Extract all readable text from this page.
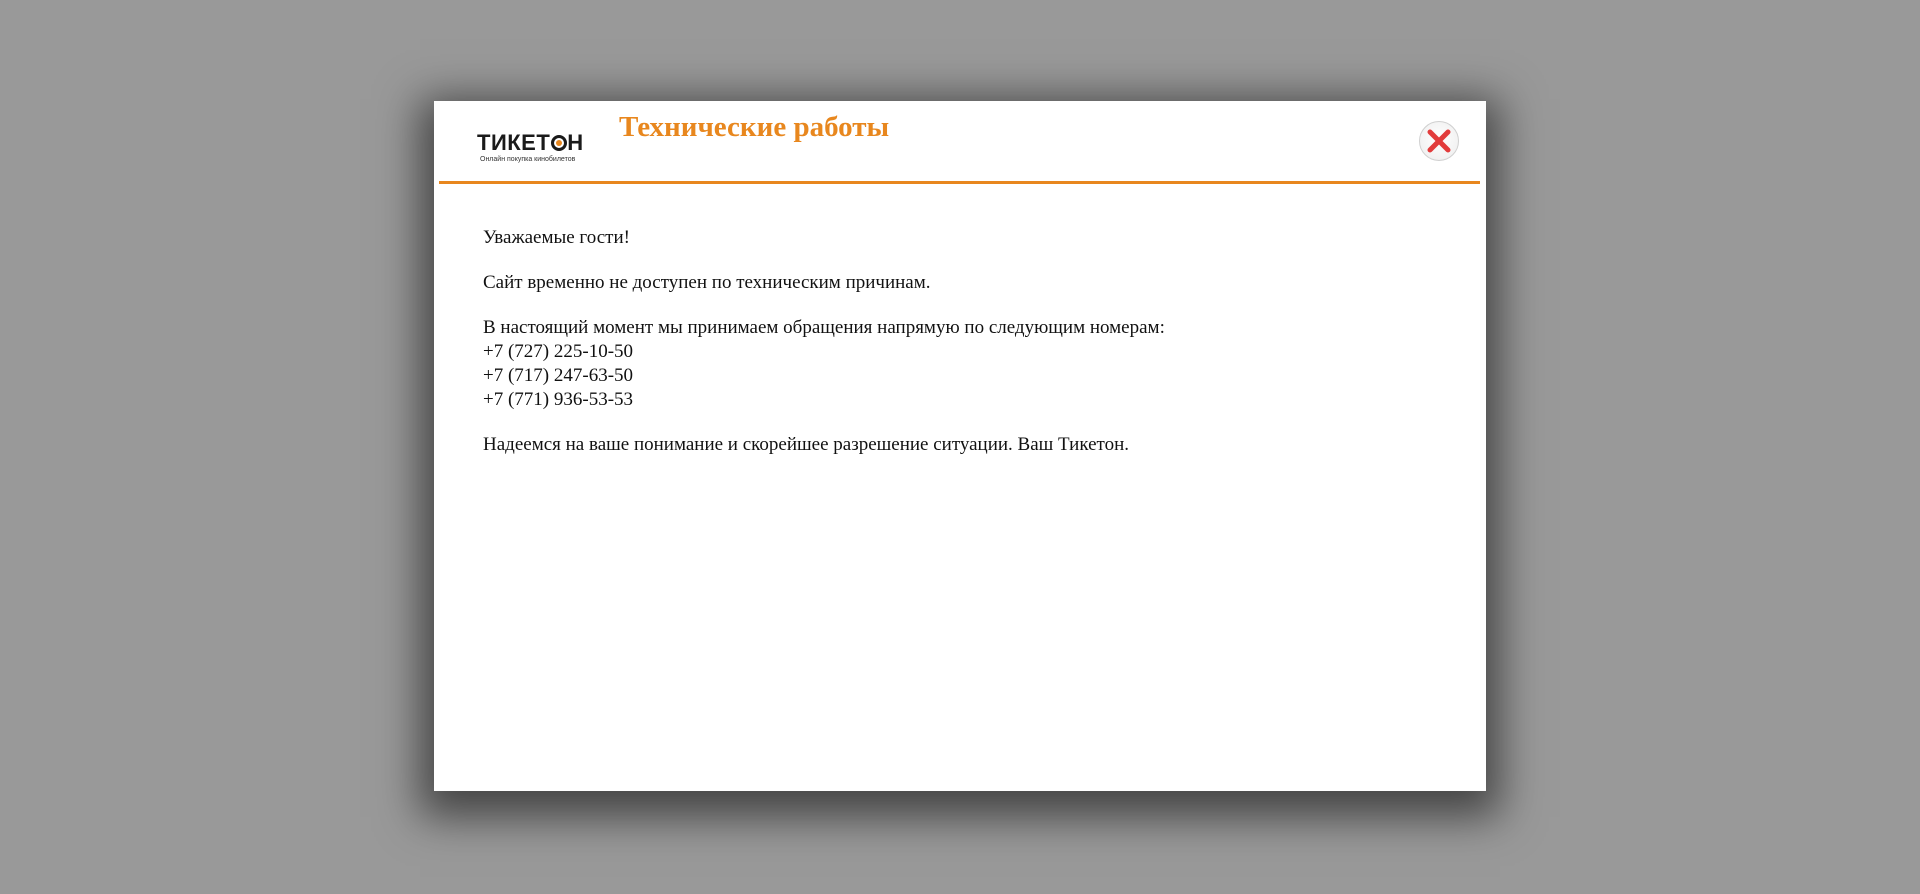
ТИКЕТ Н
Онлайн покупка кинобилетов
Технические работы

Уважаемые гости!

Сайт временно не доступен по техническим причинам.

В настоящий момент мы принимаем обращения напрямую по следующим номерам:
+7 (727) 225-10-50
+7 (717) 247-63-50
+7 (771) 936-53-53

Надеемся на ваше понимание и скорейшее разрешение ситуации. Ваш Тикетон.
